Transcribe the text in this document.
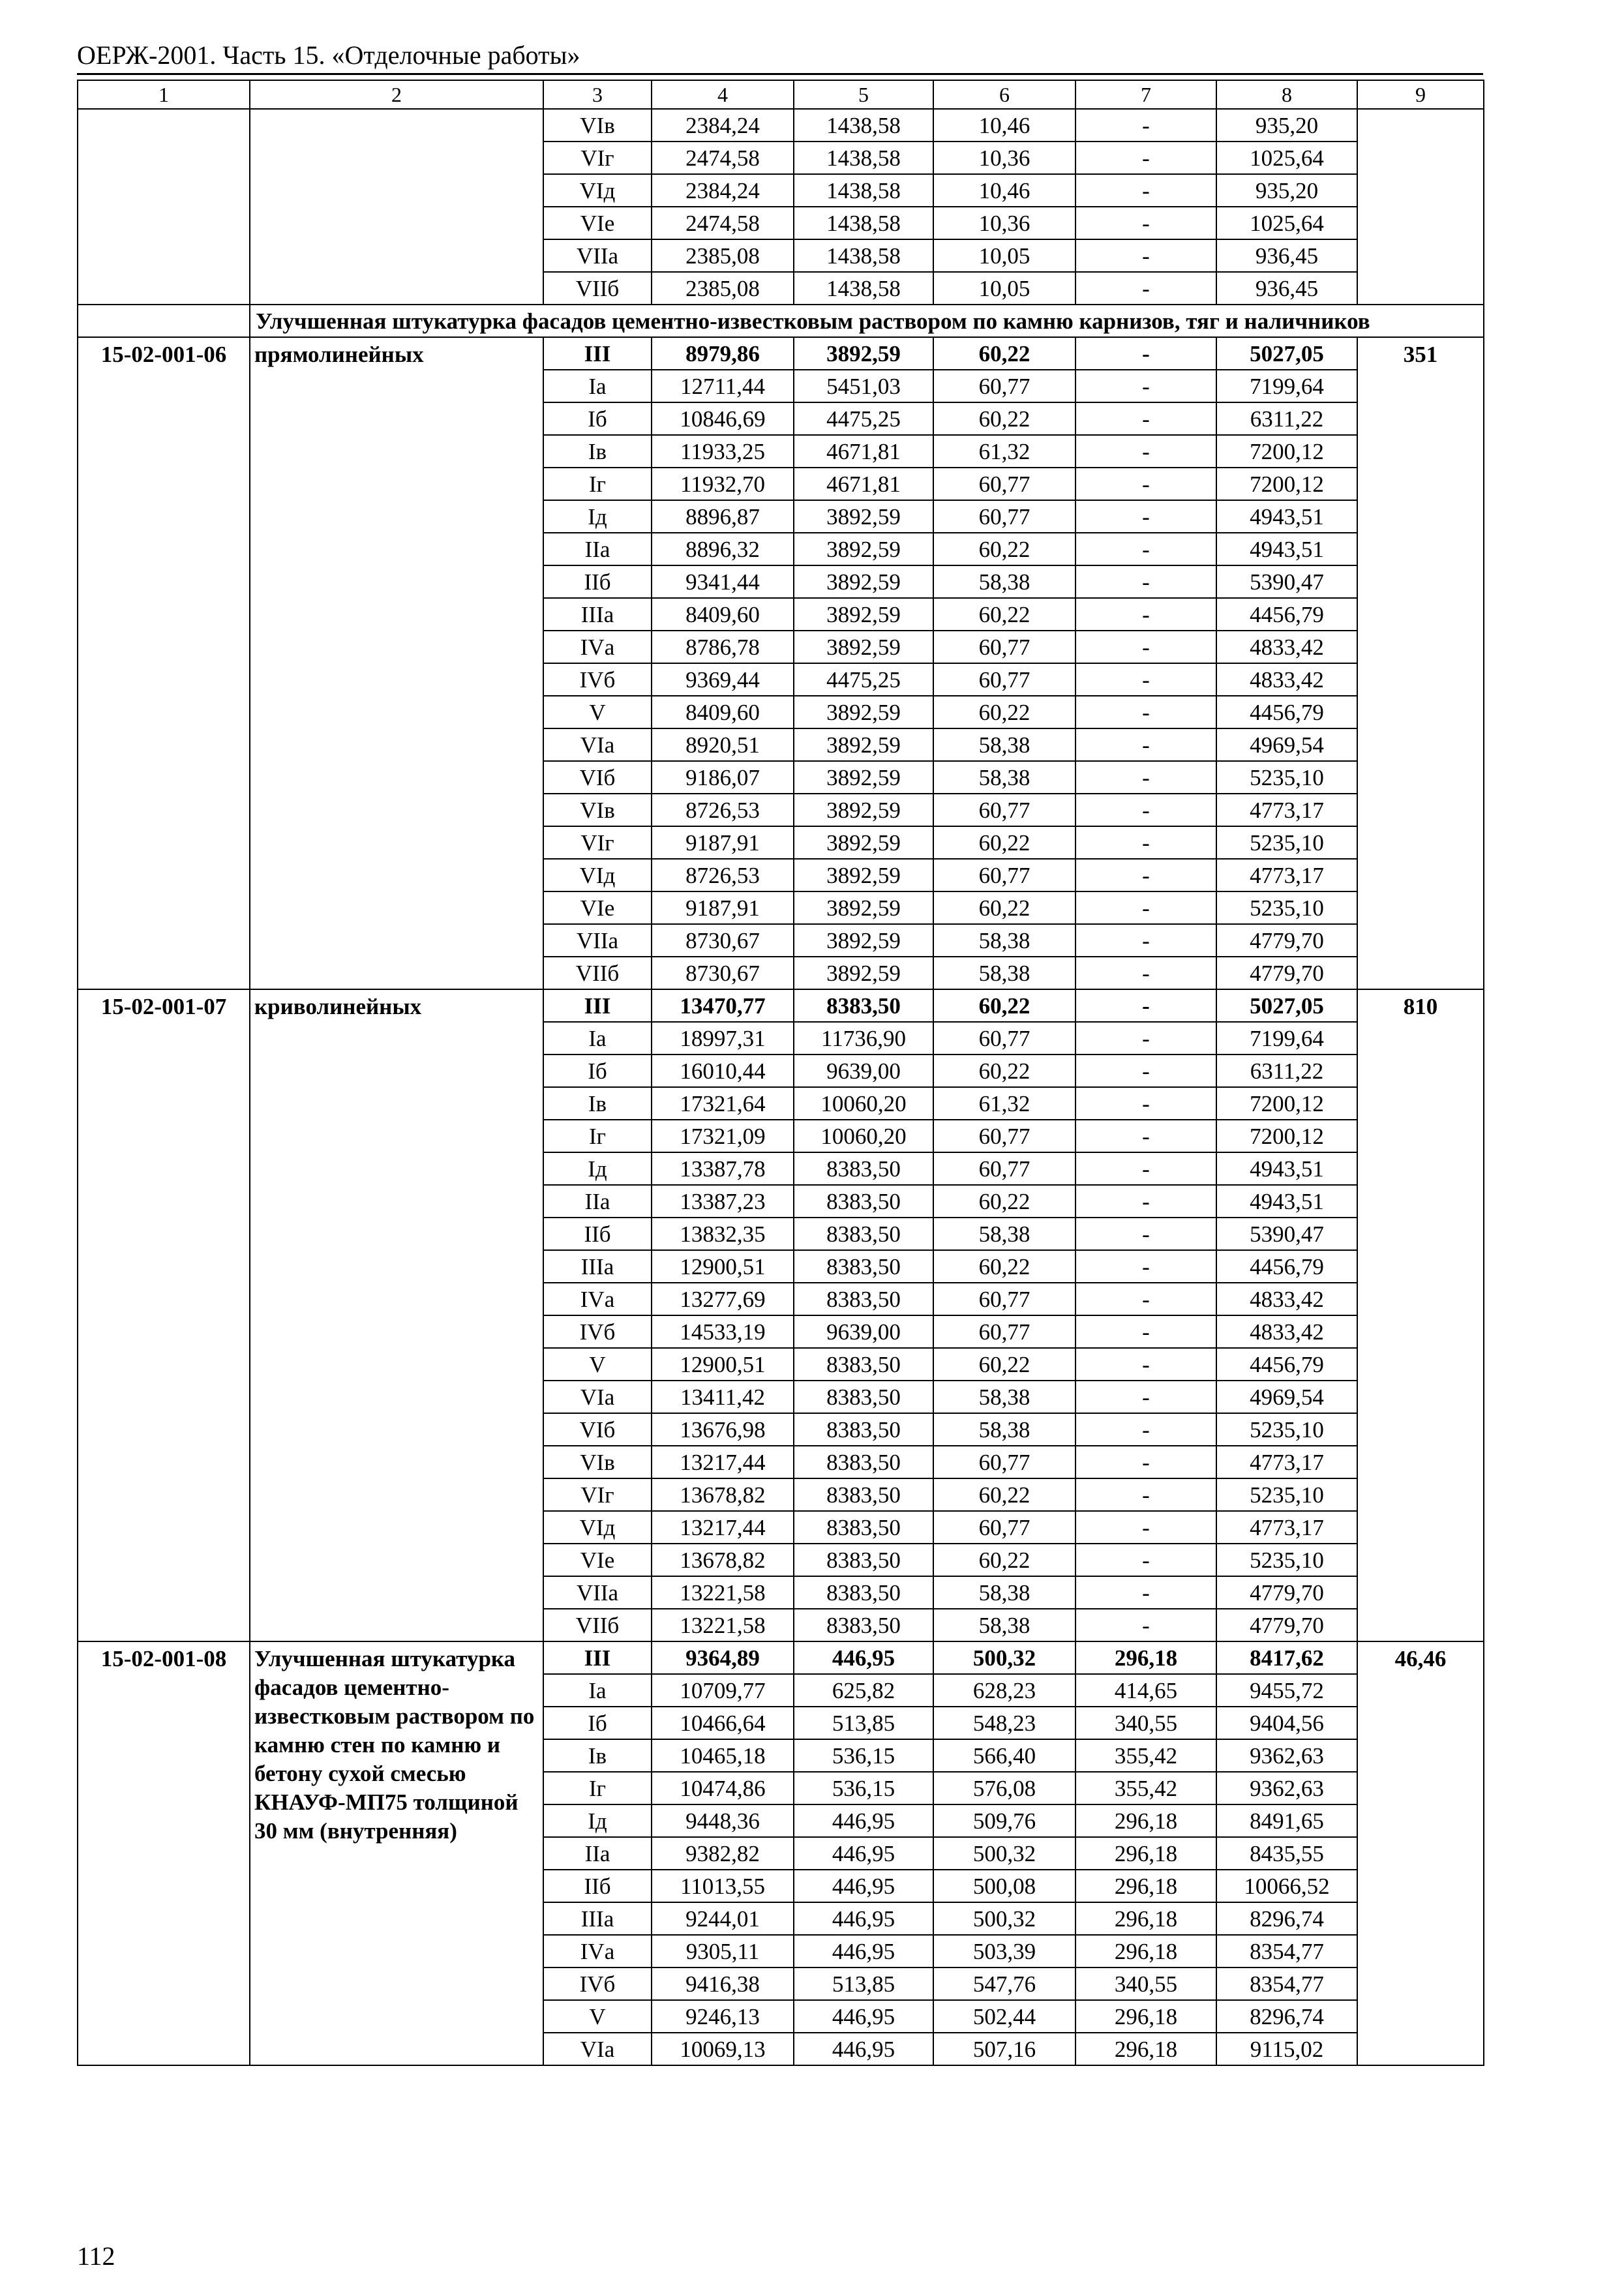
ОЕРЖ-2001. Часть 15. «Отделочные работы»
1	2	3	4	5	6	7	8	9
		VIв	2384,24	1438,58	10,46	-	935,20	
		VIг	2474,58	1438,58	10,36	-	1025,64	
		VIд	2384,24	1438,58	10,46	-	935,20	
		VIе	2474,58	1438,58	10,36	-	1025,64	
		VIIа	2385,08	1438,58	10,05	-	936,45	
		VIIб	2385,08	1438,58	10,05	-	936,45	
	Улучшенная штукатурка фасадов цементно-известковым раствором по камню карнизов, тяг и наличников							
15-02-001-06	прямолинейных	III	8979,86	3892,59	60,22	-	5027,05	351
		Iа	12711,44	5451,03	60,77	-	7199,64	
		Iб	10846,69	4475,25	60,22	-	6311,22	
		Iв	11933,25	4671,81	61,32	-	7200,12	
		Iг	11932,70	4671,81	60,77	-	7200,12	
		Iд	8896,87	3892,59	60,77	-	4943,51	
		IIа	8896,32	3892,59	60,22	-	4943,51	
		IIб	9341,44	3892,59	58,38	-	5390,47	
		IIIа	8409,60	3892,59	60,22	-	4456,79	
		IVа	8786,78	3892,59	60,77	-	4833,42	
		IVб	9369,44	4475,25	60,77	-	4833,42	
		V	8409,60	3892,59	60,22	-	4456,79	
		VIа	8920,51	3892,59	58,38	-	4969,54	
		VIб	9186,07	3892,59	58,38	-	5235,10	
		VIв	8726,53	3892,59	60,77	-	4773,17	
		VIг	9187,91	3892,59	60,22	-	5235,10	
		VIд	8726,53	3892,59	60,77	-	4773,17	
		VIе	9187,91	3892,59	60,22	-	5235,10	
		VIIа	8730,67	3892,59	58,38	-	4779,70	
		VIIб	8730,67	3892,59	58,38	-	4779,70	
15-02-001-07	криволинейных	III	13470,77	8383,50	60,22	-	5027,05	810
		Iа	18997,31	11736,90	60,77	-	7199,64	
		Iб	16010,44	9639,00	60,22	-	6311,22	
		Iв	17321,64	10060,20	61,32	-	7200,12	
		Iг	17321,09	10060,20	60,77	-	7200,12	
		Iд	13387,78	8383,50	60,77	-	4943,51	
		IIа	13387,23	8383,50	60,22	-	4943,51	
		IIб	13832,35	8383,50	58,38	-	5390,47	
		IIIа	12900,51	8383,50	60,22	-	4456,79	
		IVа	13277,69	8383,50	60,77	-	4833,42	
		IVб	14533,19	9639,00	60,77	-	4833,42	
		V	12900,51	8383,50	60,22	-	4456,79	
		VIа	13411,42	8383,50	58,38	-	4969,54	
		VIб	13676,98	8383,50	58,38	-	5235,10	
		VIв	13217,44	8383,50	60,77	-	4773,17	
		VIг	13678,82	8383,50	60,22	-	5235,10	
		VIд	13217,44	8383,50	60,77	-	4773,17	
		VIе	13678,82	8383,50	60,22	-	5235,10	
		VIIа	13221,58	8383,50	58,38	-	4779,70	
		VIIб	13221,58	8383,50	58,38	-	4779,70	
15-02-001-08	Улучшенная штукатурка фасадов цементно-известковым раствором по камню стен по камню и бетону сухой смесью КНАУФ-МП75 толщиной 30 мм (внутренняя)	III	9364,89	446,95	500,32	296,18	8417,62	46,46
		Iа	10709,77	625,82	628,23	414,65	9455,72	
		Iб	10466,64	513,85	548,23	340,55	9404,56	
		Iв	10465,18	536,15	566,40	355,42	9362,63	
		Iг	10474,86	536,15	576,08	355,42	9362,63	
		Iд	9448,36	446,95	509,76	296,18	8491,65	
		IIа	9382,82	446,95	500,32	296,18	8435,55	
		IIб	11013,55	446,95	500,08	296,18	10066,52	
		IIIа	9244,01	446,95	500,32	296,18	8296,74	
		IVа	9305,11	446,95	503,39	296,18	8354,77	
		IVб	9416,38	513,85	547,76	340,55	8354,77	
		V	9246,13	446,95	502,44	296,18	8296,74	
		VIа	10069,13	446,95	507,16	296,18	9115,02	
112
